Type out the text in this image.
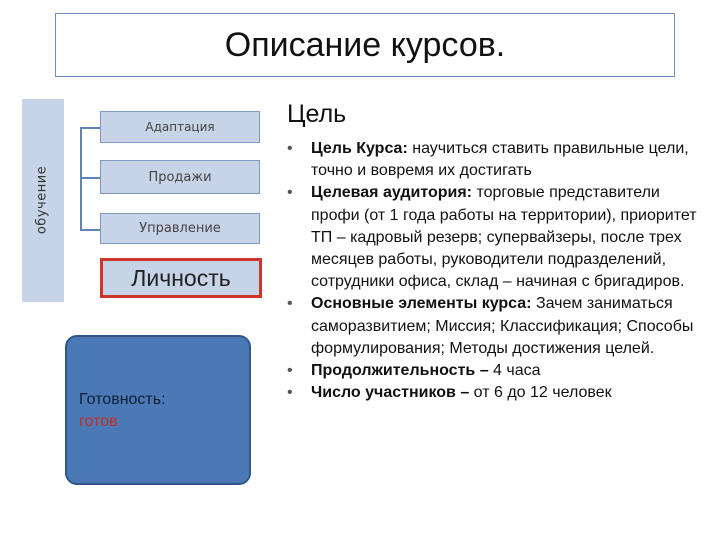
Описание курсов.
обучение
Адаптация
Продажи
Управление
Личность
Готовность:
готов
Цель
• Цель Курса: научиться ставить правильные цели, точно и вовремя их достигать
• Целевая аудитория: торговые представители профи (от 1 года работы на территории), приоритет ТП – кадровый резерв; супервайзеры, после трех месяцев работы, руководители подразделений, сотрудники офиса, склад – начиная с бригадиров.
• Основные элементы курса: Зачем заниматься саморазвитием; Миссия; Классификация; Способы формулирования; Методы достижения целей.
• Продолжительность – 4 часа
• Число участников – от 6 до 12 человек
